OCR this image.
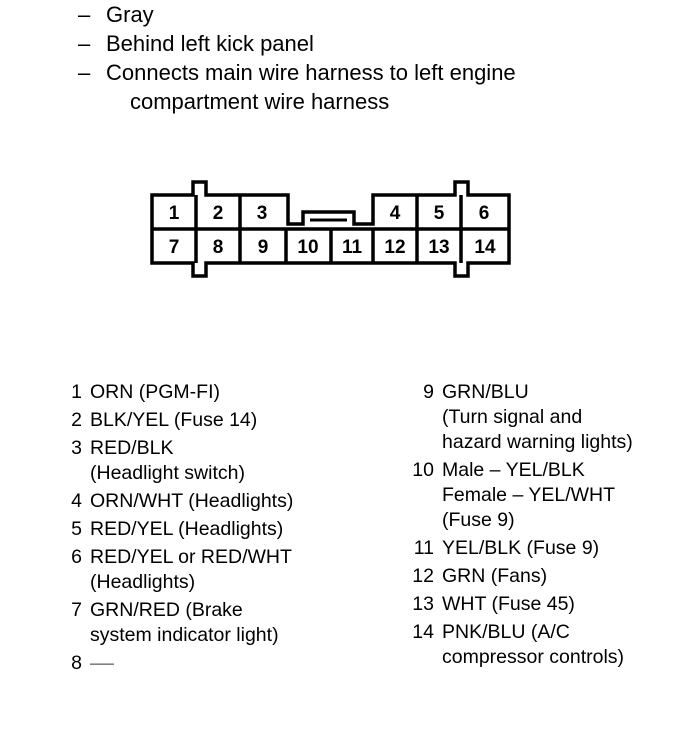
– Gray
– Behind left kick panel
– Connects main wire harness to left engine
compartment wire harness
1 2 3	4 5 6
7 8 9 10 11 12 13 14
1 ORN (PGM-FI)
2 BLK/YEL (Fuse 14)
3 RED/BLK
(Headlight switch)
4 ORN/WHT (Headlights)
5 RED/YEL (Headlights)
6 RED/YEL or RED/WHT
(Headlights)
7 GRN/RED (Brake
system indicator light)
8 ——
9 GRN/BLU
(Turn signal and
hazard warning lights)
10 Male – YEL/BLK
Female – YEL/WHT
(Fuse 9)
11 YEL/BLK (Fuse 9)
12 GRN (Fans)
13 WHT (Fuse 45)
14 PNK/BLU (A/C
compressor controls)
